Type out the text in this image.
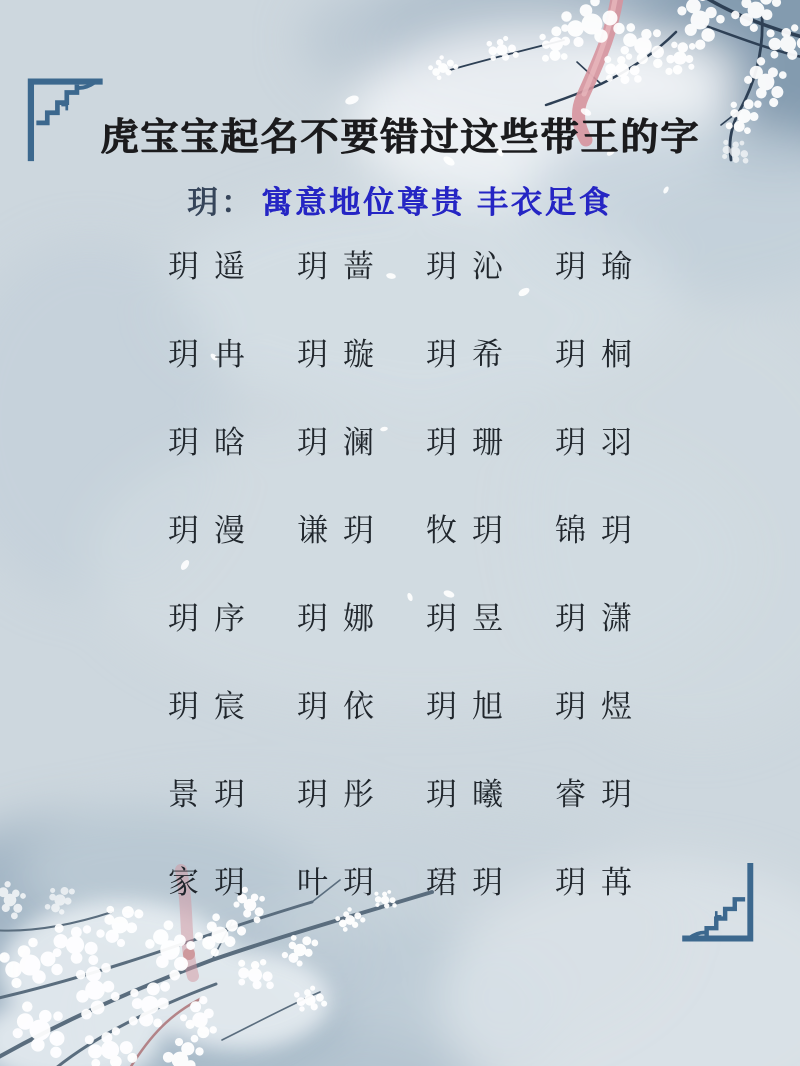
虎宝宝起名不要错过这些带王的字

玥： 寓意地位尊贵 丰衣足食

玥遥 玥蔷 玥沁 玥瑜
玥冉 玥璇 玥希 玥桐
玥晗 玥澜 玥珊 玥羽
玥漫 谦玥 牧玥 锦玥
玥序 玥娜 玥昱 玥潇
玥宸 玥依 玥旭 玥煜
景玥 玥彤 玥曦 睿玥
家玥 叶玥 珺玥 玥苒
